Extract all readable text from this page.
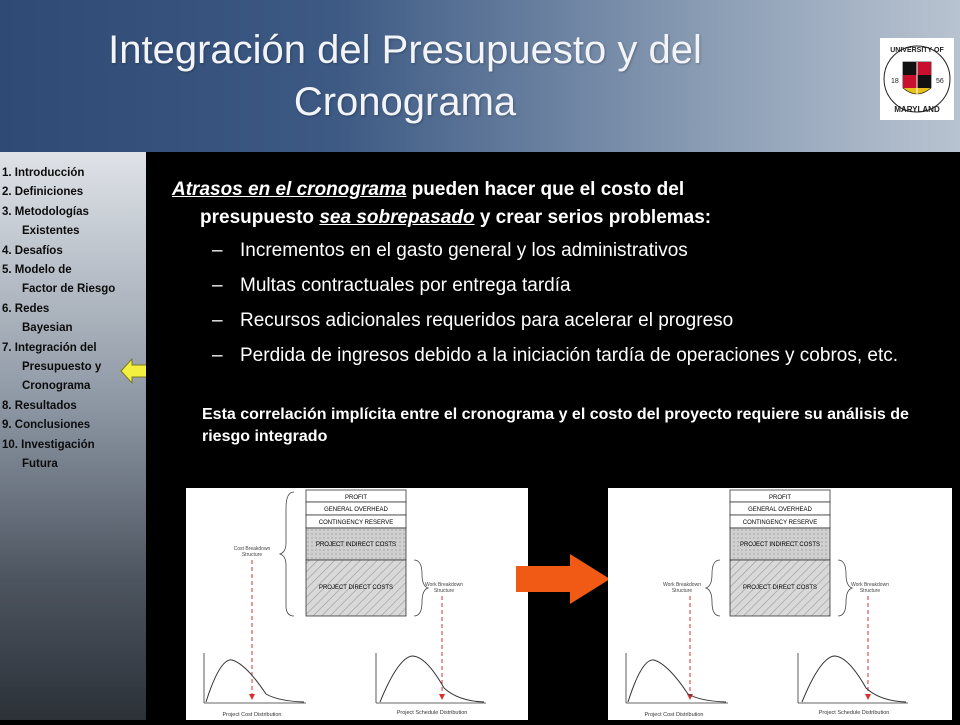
Integración del Presupuesto y del
Cronograma
UNIVERSITY OF
18	56
MARYLAND
1. Introducción
2. Definiciones
3. Metodologías
Existentes
4. Desafíos
5. Modelo de
Factor de Riesgo
6. Redes
Bayesian
7. Integración del
Presupuesto y
Cronograma
8. Resultados
9. Conclusiones
10. Investigación
Futura
Atrasos en el cronograma pueden hacer que el costo del
presupuesto sea sobrepasado y crear serios problemas:
– Incrementos en el gasto general y los administrativos
– Multas contractuales por entrega tardía
– Recursos adicionales requeridos para acelerar el progreso
– Perdida de ingresos debido a la iniciación tardía de operaciones y cobros, etc.
Esta correlación implícita entre el cronograma y el costo del proyecto requiere su análisis de riesgo integrado
PROFIT
GENERAL OVERHEAD
CONTINGENCY RESERVE
PROJECT INDIRECT COSTS
PROJECT DIRECT COSTS
Cost Breakdown
Structure
Work Breakdown
Structure
Project Cost Distribution	Project Schedule Distribution
PROFIT
GENERAL OVERHEAD
CONTINGENCY RESERVE
PROJECT INDIRECT COSTS
PROJECT DIRECT COSTS
Work Breakdown
Structure
Work Breakdown
Structure
Project Cost Distribution	Project Schedule Distribution
